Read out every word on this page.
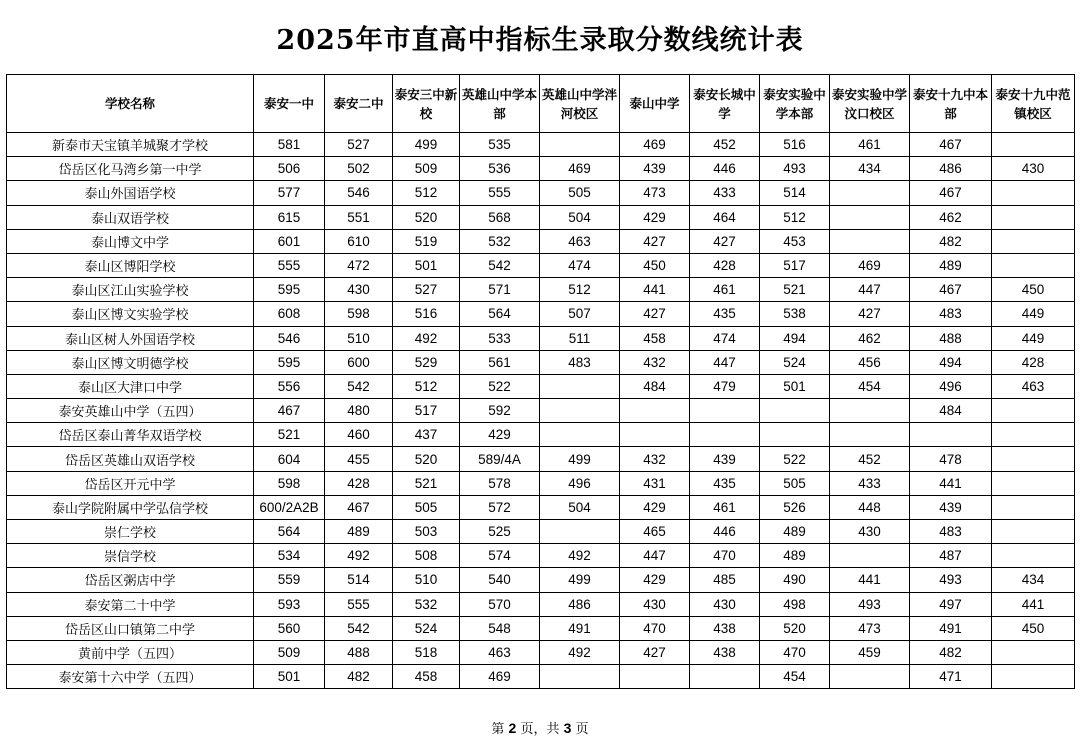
2025年市直高中指标生录取分数线统计表
学校名称	泰安一中	泰安二中	泰安三中新校	英雄山中学本部	英雄山中学泮河校区	泰山中学	泰安长城中学	泰安实验中学本部	泰安实验中学汶口校区	泰安十九中本部	泰安十九中范镇校区
新泰市天宝镇羊城聚才学校	581	527	499	535		469	452	516	461	467	
岱岳区化马湾乡第一中学	506	502	509	536	469	439	446	493	434	486	430
泰山外国语学校	577	546	512	555	505	473	433	514		467	
泰山双语学校	615	551	520	568	504	429	464	512		462	
泰山博文中学	601	610	519	532	463	427	427	453		482	
泰山区博阳学校	555	472	501	542	474	450	428	517	469	489	
泰山区江山实验学校	595	430	527	571	512	441	461	521	447	467	450
泰山区博文实验学校	608	598	516	564	507	427	435	538	427	483	449
泰山区树人外国语学校	546	510	492	533	511	458	474	494	462	488	449
泰山区博文明德学校	595	600	529	561	483	432	447	524	456	494	428
泰山区大津口中学	556	542	512	522		484	479	501	454	496	463
泰安英雄山中学（五四）	467	480	517	592						484	
岱岳区泰山菁华双语学校	521	460	437	429							
岱岳区英雄山双语学校	604	455	520	589/4A	499	432	439	522	452	478	
岱岳区开元中学	598	428	521	578	496	431	435	505	433	441	
泰山学院附属中学弘信学校	600/2A2B	467	505	572	504	429	461	526	448	439	
崇仁学校	564	489	503	525		465	446	489	430	483	
崇信学校	534	492	508	574	492	447	470	489		487	
岱岳区粥店中学	559	514	510	540	499	429	485	490	441	493	434
泰安第二十中学	593	555	532	570	486	430	430	498	493	497	441
岱岳区山口镇第二中学	560	542	524	548	491	470	438	520	473	491	450
黄前中学（五四）	509	488	518	463	492	427	438	470	459	482	
泰安第十六中学（五四）	501	482	458	469				454		471	
第 2 页，共 3 页
